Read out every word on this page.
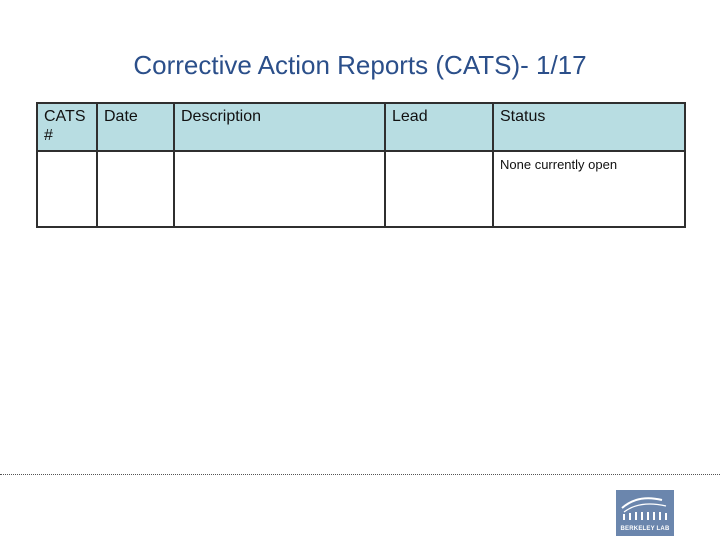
Corrective Action Reports (CATS)- 1/17
CATS #	Date	Description	Lead	Status
				None currently open
BERKELEY LAB
